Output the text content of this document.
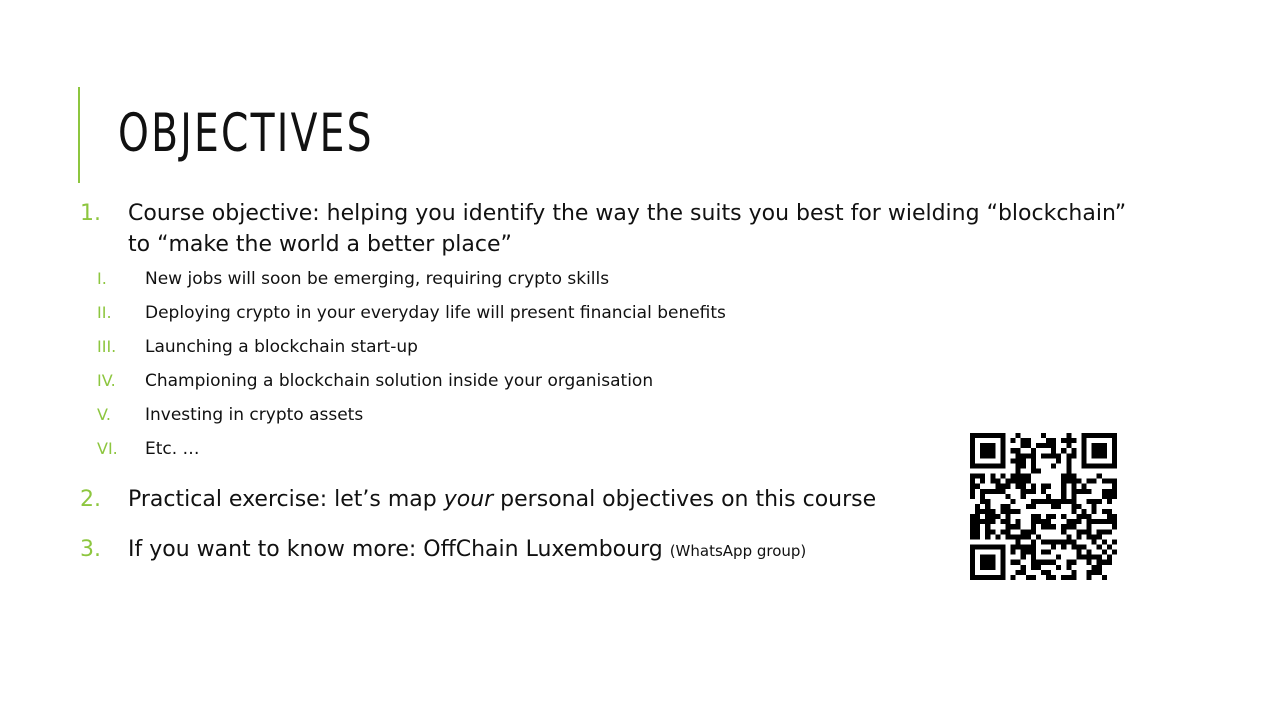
OBJECTIVES
1. Course objective: helping you identify the way the suits you best for wielding “blockchain”
to “make the world a better place”
I. New jobs will soon be emerging, requiring crypto skills
II. Deploying crypto in your everyday life will present financial benefits
III. Launching a blockchain start-up
IV. Championing a blockchain solution inside your organisation
V. Investing in crypto assets
VI. Etc. …
2. Practical exercise: let’s map your personal objectives on this course
3. If you want to know more: OffChain Luxembourg (WhatsApp group)
